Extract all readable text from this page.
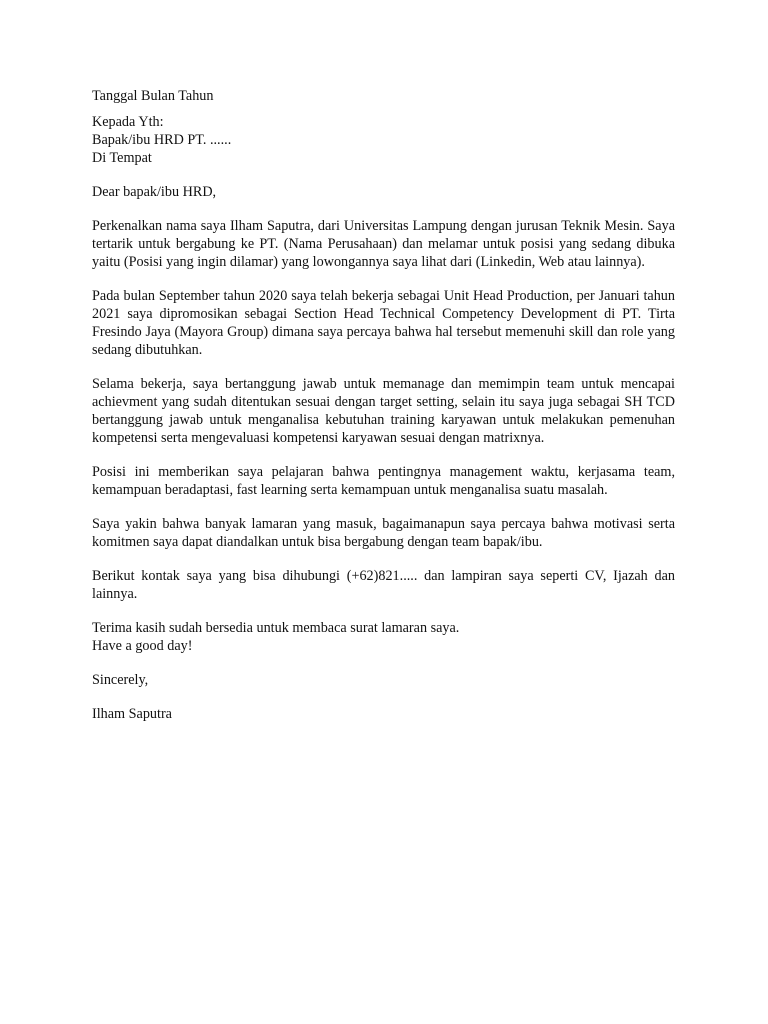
Tanggal Bulan Tahun
Kepada Yth:
Bapak/ibu HRD PT. ......
Di Tempat
Dear bapak/ibu HRD,

Perkenalkan nama saya Ilham Saputra, dari Universitas Lampung dengan jurusan Teknik Mesin. Saya tertarik untuk bergabung ke PT. (Nama Perusahaan) dan melamar untuk posisi yang sedang dibuka yaitu (Posisi yang ingin dilamar) yang lowongannya saya lihat dari (Linkedin, Web atau lainnya).

Pada bulan September tahun 2020 saya telah bekerja sebagai Unit Head Production, per Januari tahun 2021 saya dipromosikan sebagai Section Head Technical Competency Development di PT. Tirta Fresindo Jaya (Mayora Group) dimana saya percaya bahwa hal tersebut memenuhi skill dan role yang sedang dibutuhkan.

Selama bekerja, saya bertanggung jawab untuk memanage dan memimpin team untuk mencapai achievment yang sudah ditentukan sesuai dengan target setting, selain itu saya juga sebagai SH TCD bertanggung jawab untuk menganalisa kebutuhan training karyawan untuk melakukan pemenuhan kompetensi serta mengevaluasi kompetensi karyawan sesuai dengan matrixnya.

Posisi ini memberikan saya pelajaran bahwa pentingnya management waktu, kerjasama team, kemampuan beradaptasi, fast learning serta kemampuan untuk menganalisa suatu masalah.

Saya yakin bahwa banyak lamaran yang masuk, bagaimanapun saya percaya bahwa motivasi serta komitmen saya dapat diandalkan untuk bisa bergabung dengan team bapak/ibu.

Berikut kontak saya yang bisa dihubungi (+62)821..... dan lampiran saya seperti CV, Ijazah dan lainnya.

Terima kasih sudah bersedia untuk membaca surat lamaran saya.
Have a good day!
Sincerely,
Ilham Saputra
